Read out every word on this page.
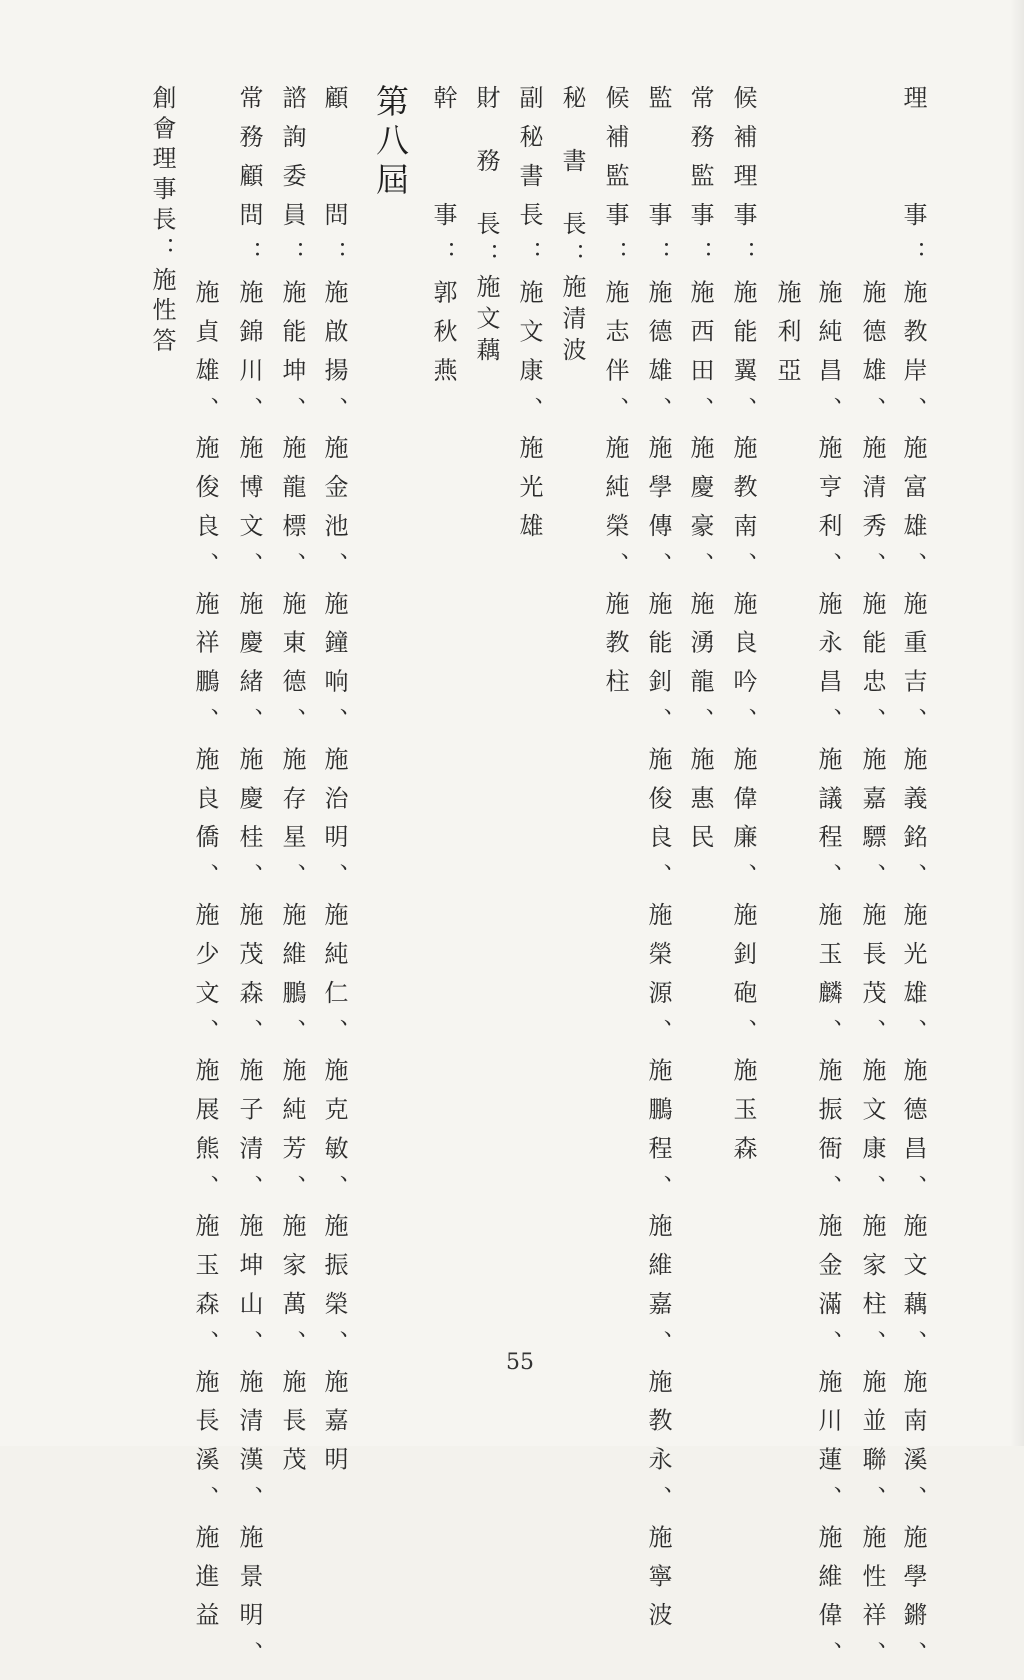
理　　事：施教岸、施富雄、施重吉、施義銘、施光雄、施德昌、施文藕、施南溪、施學鏘、
　　　　　施德雄、施清秀、施能忠、施嘉驃、施長茂、施文康、施家柱、施並聯、施性祥、
　　　　　施純昌、施亨利、施永昌、施議程、施玉麟、施振衙、施金滿、施川蓮、施維偉、
　　　　　施利亞
候補理事：施能翼、施教南、施良吟、施偉廉、施釗砲、施玉森
常務監事：施西田、施慶豪、施湧龍、施惠民
監　　事：施德雄、施學傳、施能釗、施俊良、施榮源、施鵬程、施維嘉、施教永、施寧波
候補監事：施志伴、施純榮、施教柱
秘　書　長：施清波
副秘書長：施文康、施光雄
財　務　長：施文藕
幹　　事：郭秋燕
第八屆
顧　　問：施啟揚、施金池、施鐘响、施治明、施純仁、施克敏、施振榮、施嘉明
諮詢委員：施能坤、施龍標、施東德、施存星、施維鵬、施純芳、施家萬、施長茂
常務顧問：施錦川、施博文、施慶緒、施慶桂、施茂森、施子清、施坤山、施清漢、施景明、
　　　　　施貞雄、施俊良、施祥鵬、施良僑、施少文、施展熊、施玉森、施長溪、施進益
創會理事長：施性答
55
